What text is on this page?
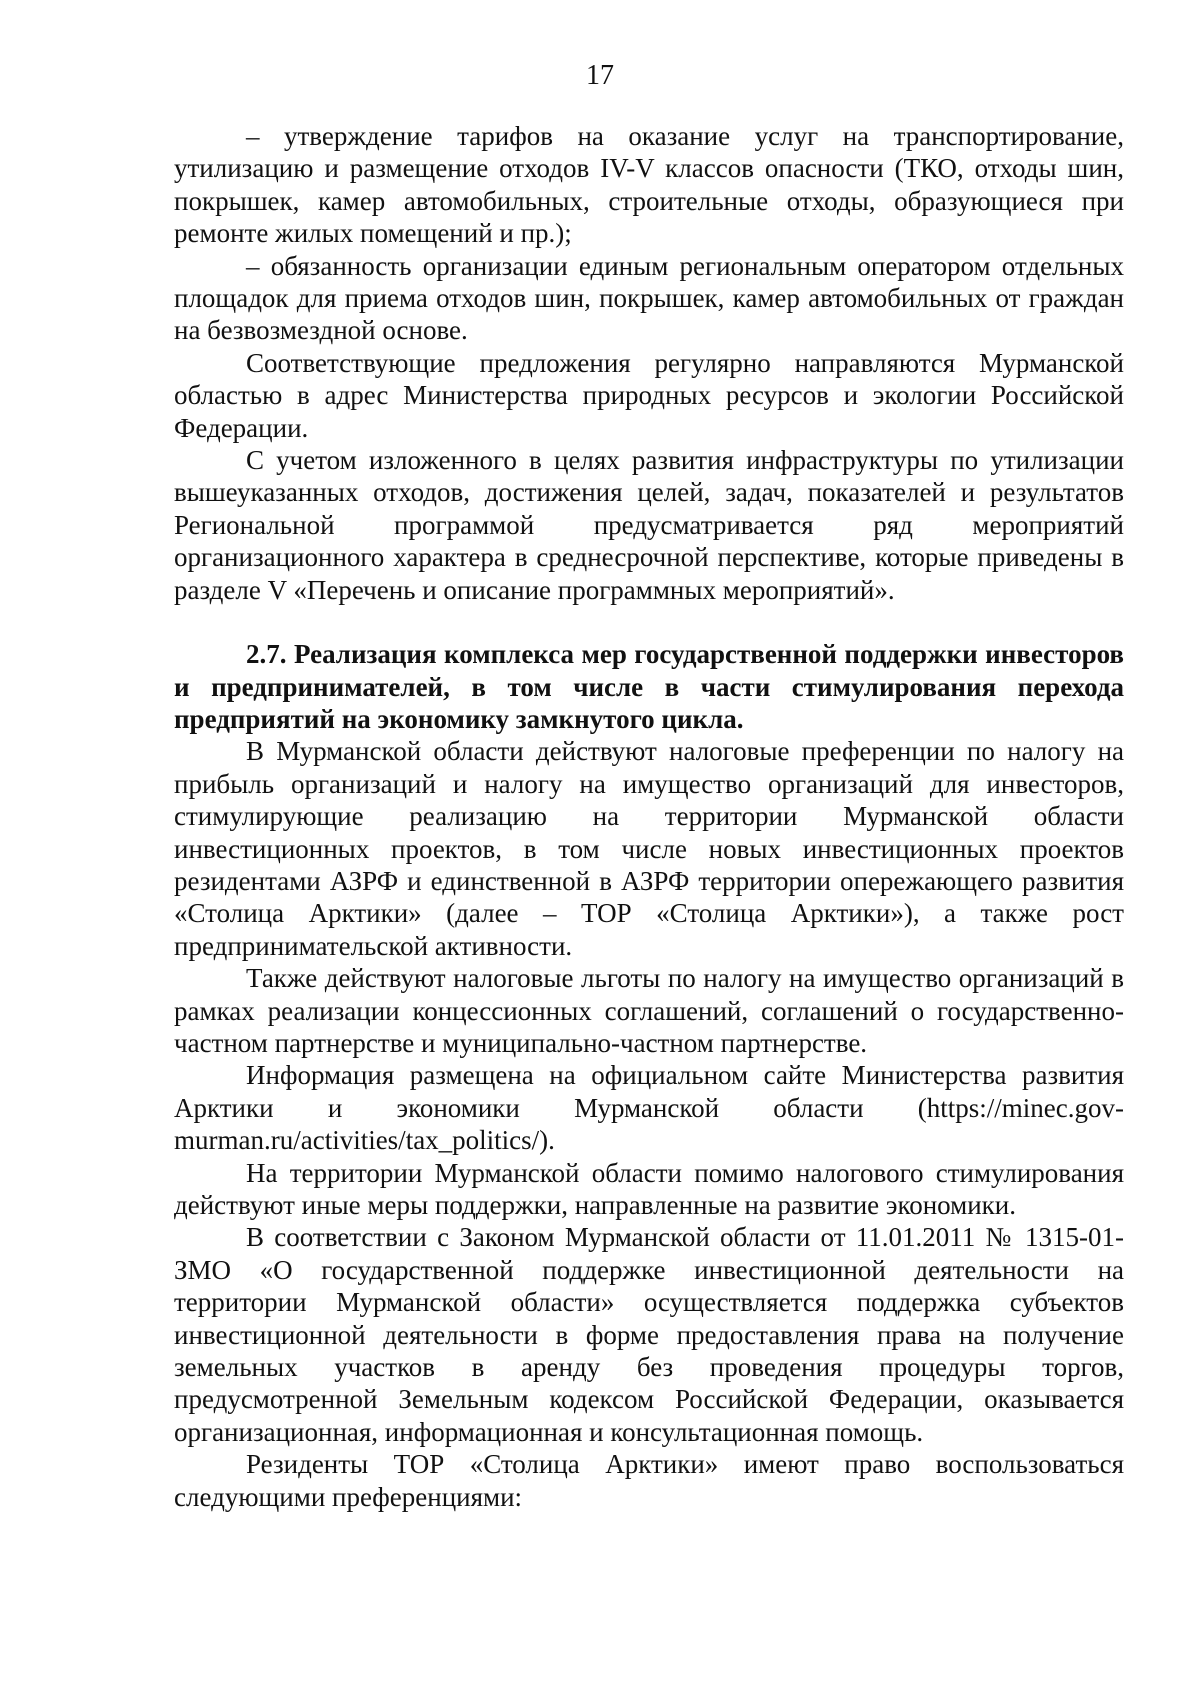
17

– утверждение тарифов на оказание услуг на транспортирование, утилизацию и размещение отходов IV-V классов опасности (ТКО, отходы шин, покрышек, камер автомобильных, строительные отходы, образующиеся при ремонте жилых помещений и пр.);

– обязанность организации единым региональным оператором отдельных площадок для приема отходов шин, покрышек, камер автомобильных от граждан на безвозмездной основе.

Соответствующие предложения регулярно направляются Мурманской областью в адрес Министерства природных ресурсов и экологии Российской Федерации.

С учетом изложенного в целях развития инфраструктуры по утилизации вышеуказанных отходов, достижения целей, задач, показателей и результатов Региональной программой предусматривается ряд мероприятий организационного характера в среднесрочной перспективе, которые приведены в разделе V «Перечень и описание программных мероприятий».

2.7. Реализация комплекса мер государственной поддержки инвесторов и предпринимателей, в том числе в части стимулирования перехода предприятий на экономику замкнутого цикла.

В Мурманской области действуют налоговые преференции по налогу на прибыль организаций и налогу на имущество организаций для инвесторов, стимулирующие реализацию на территории Мурманской области инвестиционных проектов, в том числе новых инвестиционных проектов резидентами АЗРФ и единственной в АЗРФ территории опережающего развития «Столица Арктики» (далее – ТОР «Столица Арктики»), а также рост предпринимательской активности.

Также действуют налоговые льготы по налогу на имущество организаций в рамках реализации концессионных соглашений, соглашений о государственно-частном партнерстве и муниципально-частном партнерстве.

Информация размещена на официальном сайте Министерства развития Арктики и экономики Мурманской области (https://minec.gov-murman.ru/activities/tax_politics/).

На территории Мурманской области помимо налогового стимулирования действуют иные меры поддержки, направленные на развитие экономики.

В соответствии с Законом Мурманской области от 11.01.2011 № 1315-01-ЗМО «О государственной поддержке инвестиционной деятельности на территории Мурманской области» осуществляется поддержка субъектов инвестиционной деятельности в форме предоставления права на получение земельных участков в аренду без проведения процедуры торгов, предусмотренной Земельным кодексом Российской Федерации, оказывается организационная, информационная и консультационная помощь.

Резиденты ТОР «Столица Арктики» имеют право воспользоваться следующими преференциями:
